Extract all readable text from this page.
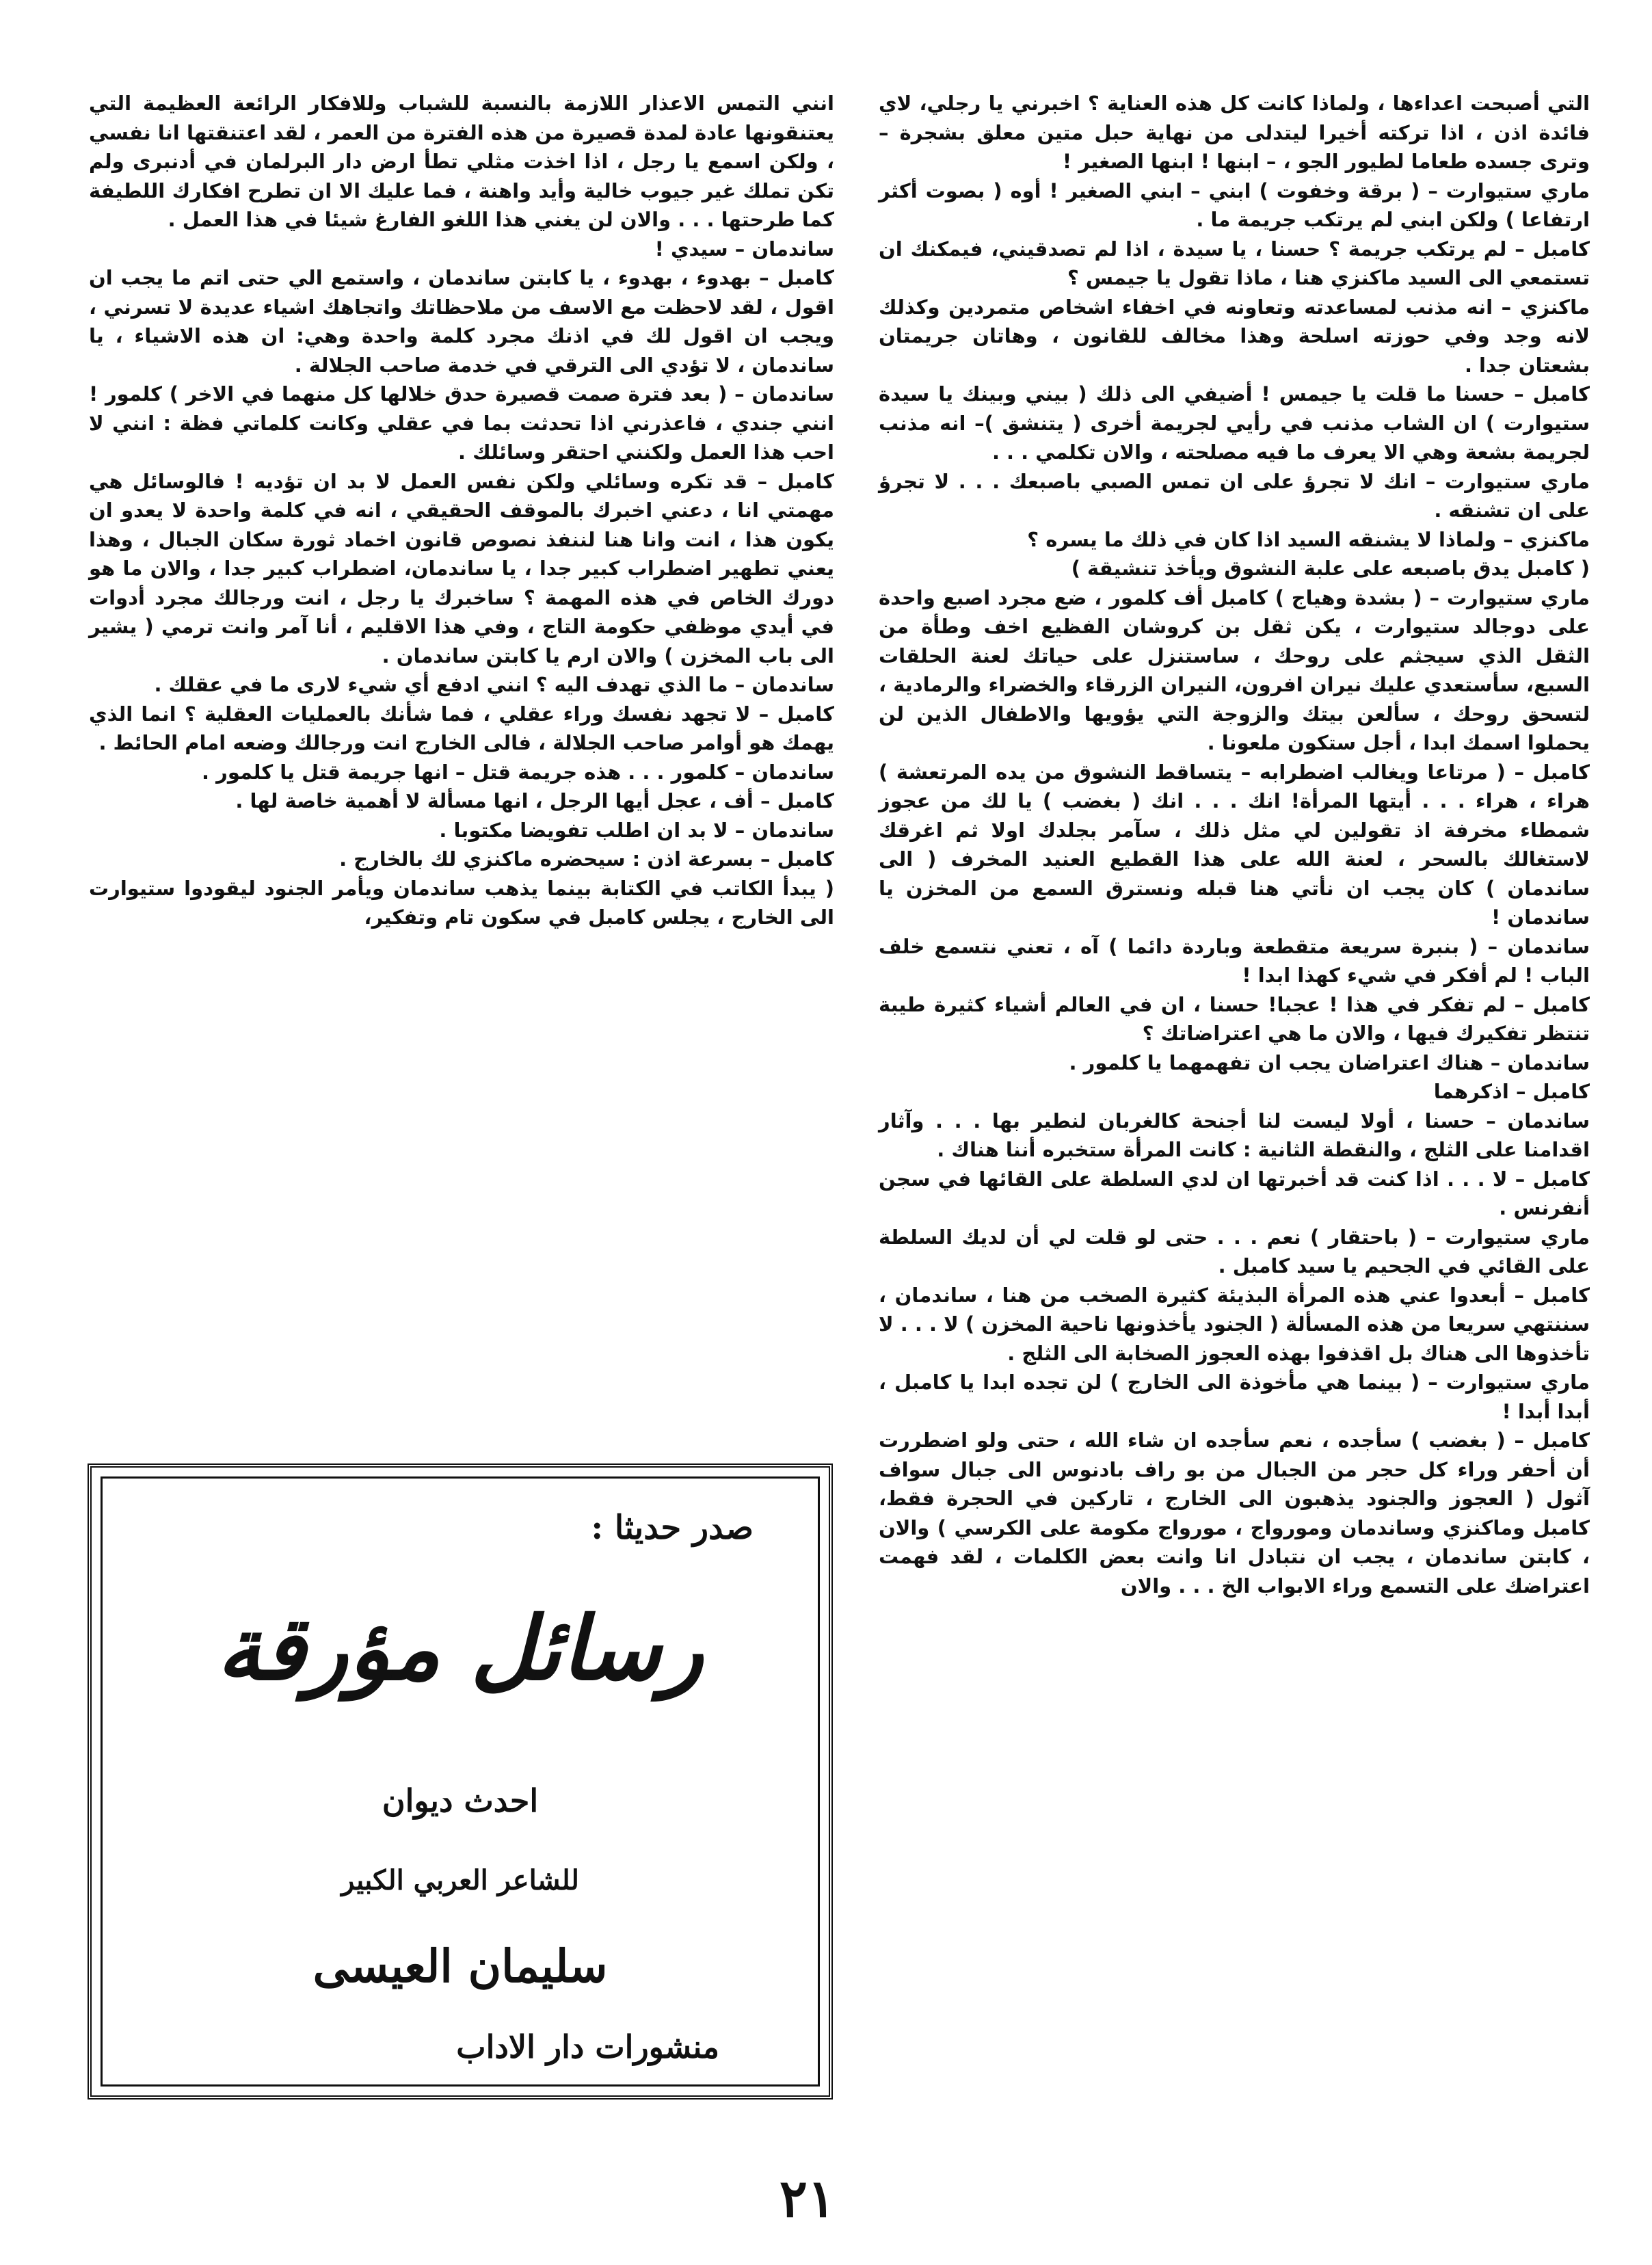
التي أصبحت اعداءها ، ولماذا كانت كل هذه العناية ؟ اخبرني يا رجلي، لاي فائدة اذن ، اذا تركته أخيرا ليتدلى من نهاية حبل متين معلق بشجرة – وترى جسده طعاما لطيور الجو ، – ابنها ! ابنها الصغير !

ماري ستيوارت – ( برقة وخفوت ) ابني – ابني الصغير ! أوه ( بصوت أكثر ارتفاعا ) ولكن ابني لم يرتكب جريمة ما .

كامبل – لم يرتكب جريمة ؟ حسنا ، يا سيدة ، اذا لم تصدقيني، فيمكنك ان تستمعي الى السيد ماكنزي هنا ، ماذا تقول يا جيمس ؟

ماكنزي – انه مذنب لمساعدته وتعاونه في اخفاء اشخاص متمردين وكذلك لانه وجد وفي حوزته اسلحة وهذا مخالف للقانون ، وهاتان جريمتان بشعتان جدا .

كامبل – حسنا ما قلت يا جيمس ! أضيفي الى ذلك ( بيني وبينك يا سيدة ستيوارت ) ان الشاب مذنب في رأيي لجريمة أخرى ( يتنشق )– انه مذنب لجريمة بشعة وهي الا يعرف ما فيه مصلحته ، والان تكلمي . . .

ماري ستيوارت – انك لا تجرؤ على ان تمس الصبي باصبعك . . . لا تجرؤ على ان تشنقه .

ماكنزي – ولماذا لا يشنقه السيد اذا كان في ذلك ما يسره ؟

( كامبل يدق باصبعه على علبة النشوق ويأخذ تنشيقة )

ماري ستيوارت – ( بشدة وهياج ) كامبل أف كلمور ، ضع مجرد اصبع واحدة على دوجالد ستيوارت ، يكن ثقل بن كروشان الفظيع اخف وطأة من الثقل الذي سيجثم على روحك ، ساستنزل على حياتك لعنة الحلقات السبع، سأستعدي عليك نيران افرون، النيران الزرقاء والخضراء والرمادية ، لتسحق روحك ، سألعن بيتك والزوجة التي يؤويها والاطفال الذين لن يحملوا اسمك ابدا ، أجل ستكون ملعونا .

كامبل – ( مرتاعا ويغالب اضطرابه – يتساقط النشوق من يده المرتعشة ) هراء ، هراء . . . أيتها المرأة! انك . . . انك ( بغضب ) يا لك من عجوز شمطاء مخرفة اذ تقولين لي مثل ذلك ، سآمر بجلدك اولا ثم اغرقك لاستغالك بالسحر ، لعنة الله على هذا القطيع العنيد المخرف ( الى ساندمان ) كان يجب ان نأتي هنا قبله ونسترق السمع من المخزن يا ساندمان !

ساندمان – ( بنبرة سريعة متقطعة وباردة دائما ) آه ، تعني نتسمع خلف الباب ! لم أفكر في شيء كهذا ابدا !

كامبل – لم تفكر في هذا ! عجبا! حسنا ، ان في العالم أشياء كثيرة طيبة تنتظر تفكيرك فيها ، والان ما هي اعتراضاتك ؟

ساندمان – هناك اعتراضان يجب ان تفهمهما يا كلمور .

كامبل – اذكرهما

ساندمان – حسنا ، أولا ليست لنا أجنحة كالغربان لنطير بها . . . وآثار اقدامنا على الثلج ، والنقطة الثانية : كانت المرأة ستخبره أننا هناك .

كامبل – لا . . . اذا كنت قد أخبرتها ان لدي السلطة على القائها في سجن أنفرنس .

ماري ستيوارت – ( باحتقار ) نعم . . . حتى لو قلت لي أن لديك السلطة على القائي في الجحيم يا سيد كامبل .

كامبل – أبعدوا عني هذه المرأة البذيئة كثيرة الصخب من هنا ، ساندمان ، سننتهي سريعا من هذه المسألة ( الجنود يأخذونها ناحية المخزن ) لا . . . لا تأخذوها الى هناك بل اقذفوا بهذه العجوز الصخابة الى الثلج .

ماري ستيوارت – ( بينما هي مأخوذة الى الخارج ) لن تجده ابدا يا كامبل ، أبدا أبدا !

كامبل – ( بغضب ) سأجده ، نعم سأجده ان شاء الله ، حتى ولو اضطررت أن أحفر وراء كل حجر من الجبال من بو راف بادنوس الى جبال سواف آثول ( العجوز والجنود يذهبون الى الخارج ، تاركين في الحجرة فقط، كامبل وماكنزي وساندمان ومورواج ، مورواج مكومة على الكرسي ) والان ، كابتن ساندمان ، يجب ان نتبادل انا وانت بعض الكلمات ، لقد فهمت اعتراضك على التسمع وراء الابواب الخ . . . والان

انني التمس الاعذار اللازمة بالنسبة للشباب وللافكار الرائعة العظيمة التي يعتنقونها عادة لمدة قصيرة من هذه الفترة من العمر ، لقد اعتنقتها انا نفسي ، ولكن اسمع يا رجل ، اذا اخذت مثلي تطأ ارض دار البرلمان في أدنبرى ولم تكن تملك غير جيوب خالية وأيد واهنة ، فما عليك الا ان تطرح افكارك اللطيفة كما طرحتها . . . والان لن يغني هذا اللغو الفارغ شيئا في هذا العمل .

ساندمان – سيدي !

كامبل – بهدوء ، بهدوء ، يا كابتن ساندمان ، واستمع الي حتى اتم ما يجب ان اقول ، لقد لاحظت مع الاسف من ملاحظاتك واتجاهك اشياء عديدة لا تسرني ، ويجب ان اقول لك في اذنك مجرد كلمة واحدة وهي: ان هذه الاشياء ، يا ساندمان ، لا تؤدي الى الترقي في خدمة صاحب الجلالة .

ساندمان – ( بعد فترة صمت قصيرة حدق خلالها كل منهما في الاخر ) كلمور ! انني جندي ، فاعذرني اذا تحدثت بما في عقلي وكانت كلماتي فظة : انني لا احب هذا العمل ولكنني احتقر وسائلك .

كامبل – قد تكره وسائلي ولكن نفس العمل لا بد ان تؤديه ! فالوسائل هي مهمتي انا ، دعني اخبرك بالموقف الحقيقي ، انه في كلمة واحدة لا يعدو ان يكون هذا ، انت وانا هنا لننفذ نصوص قانون اخماد ثورة سكان الجبال ، وهذا يعني تطهير اضطراب كبير جدا ، يا ساندمان، اضطراب كبير جدا ، والان ما هو دورك الخاص في هذه المهمة ؟ ساخبرك يا رجل ، انت ورجالك مجرد أدوات في أيدي موظفي حكومة التاج ، وفي هذا الاقليم ، أنا آمر وانت ترمي ( يشير الى باب المخزن ) والان ارم يا كابتن ساندمان .

ساندمان – ما الذي تهدف اليه ؟ انني ادفع أي شيء لارى ما في عقلك .

كامبل – لا تجهد نفسك وراء عقلي ، فما شأنك بالعمليات العقلية ؟ انما الذي يهمك هو أوامر صاحب الجلالة ، فالى الخارج انت ورجالك وضعه امام الحائط .

ساندمان – كلمور . . . هذه جريمة قتل – انها جريمة قتل يا كلمور .

كامبل – أف ، عجل أيها الرجل ، انها مسألة لا أهمية خاصة لها .

ساندمان – لا بد ان اطلب تفويضا مكتوبا .

كامبل – بسرعة اذن : سيحضره ماكنزي لك بالخارج .

( يبدأ الكاتب في الكتابة بينما يذهب ساندمان ويأمر الجنود ليقودوا ستيوارت الى الخارج ، يجلس كامبل في سكون تام وتفكير،

صدر حديثا :
رسائل مؤرقة
احدث ديوان
للشاعر العربي الكبير
سليمان العيسى
منشورات دار الاداب
٢١
